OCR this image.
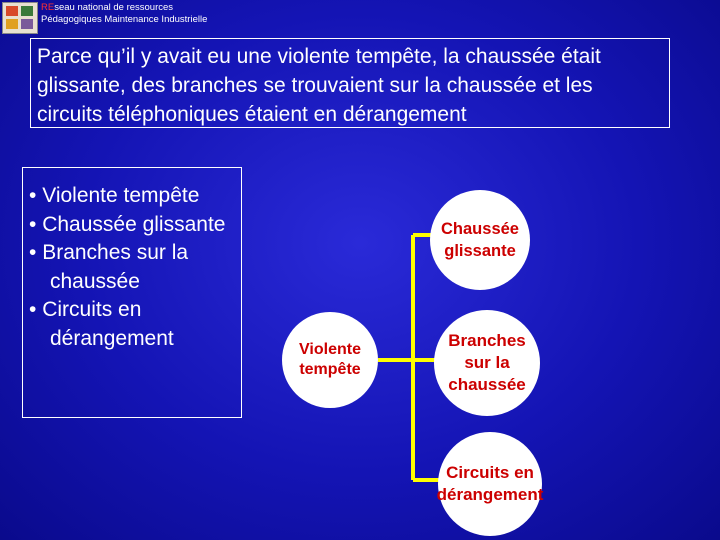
REseau national de ressources Pédagogiques Maintenance Industrielle
Parce qu’il y avait eu une violente tempête, la chaussée était glissante, des branches se trouvaient sur la chaussée et les circuits téléphoniques étaient en dérangement
• Violente tempête
• Chaussée glissante
• Branches sur la chaussée
• Circuits en dérangement	Violente tempête
Chaussée glissante
Branches sur la chaussée
Circuits en dérangement
